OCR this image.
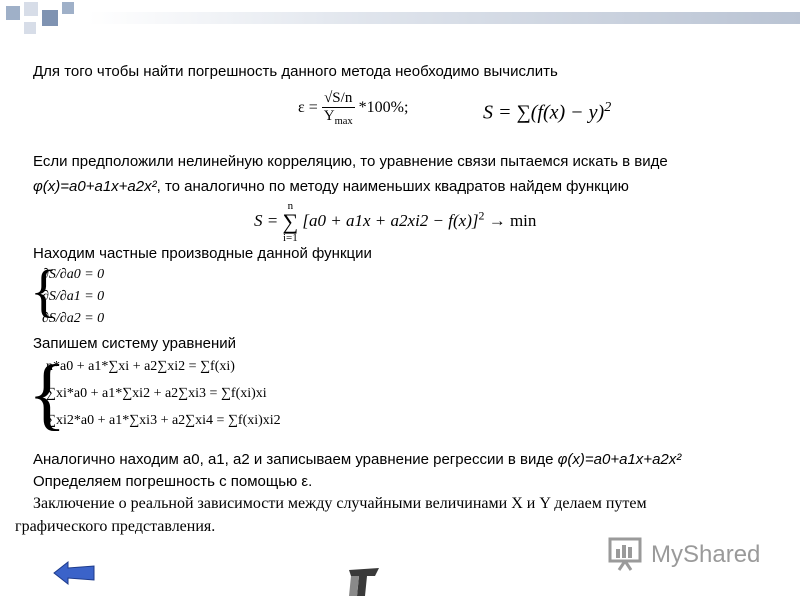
Для того чтобы найти погрешность данного метода необходимо вычислить
$\varepsilon = \frac{√S/n}{Y_{max}} *100\%$;	$S = \sum(f(x) - y)^2$
Если предположили нелинейную корреляцию, то уравнение связи пытаемся искать в виде
φ(x)=a0+a1x+a2x², то аналогично по методу наименьших квадратов найдем функцию
S =
n
∑
i=1
$[a0 + a1x + a2xi2 - f(x)]^2 \to \min$
Находим частные производные данной функции
{
∂S/∂a0 = 0
∂S/∂a1 = 0
∂S/∂a2 = 0
Запишем систему уравнений
{
n*a0 + a1*∑xi + a2∑xi2 = ∑f(xi)
∑xi*a0 + a1*∑xi2 + a2∑xi3 = ∑f(xi)xi
∑xi2*a0 + a1*∑xi3 + a2∑xi4 = ∑f(xi)xi2
Аналогично находим a0, a1, a2 и записываем уравнение регрессии в виде φ(x)=a0+a1x+a2x²
Определяем погрешность с помощью ε.
Заключение о реальной зависимости между случайными величинами X и Y делаем путем
графического представления.
MyShared
